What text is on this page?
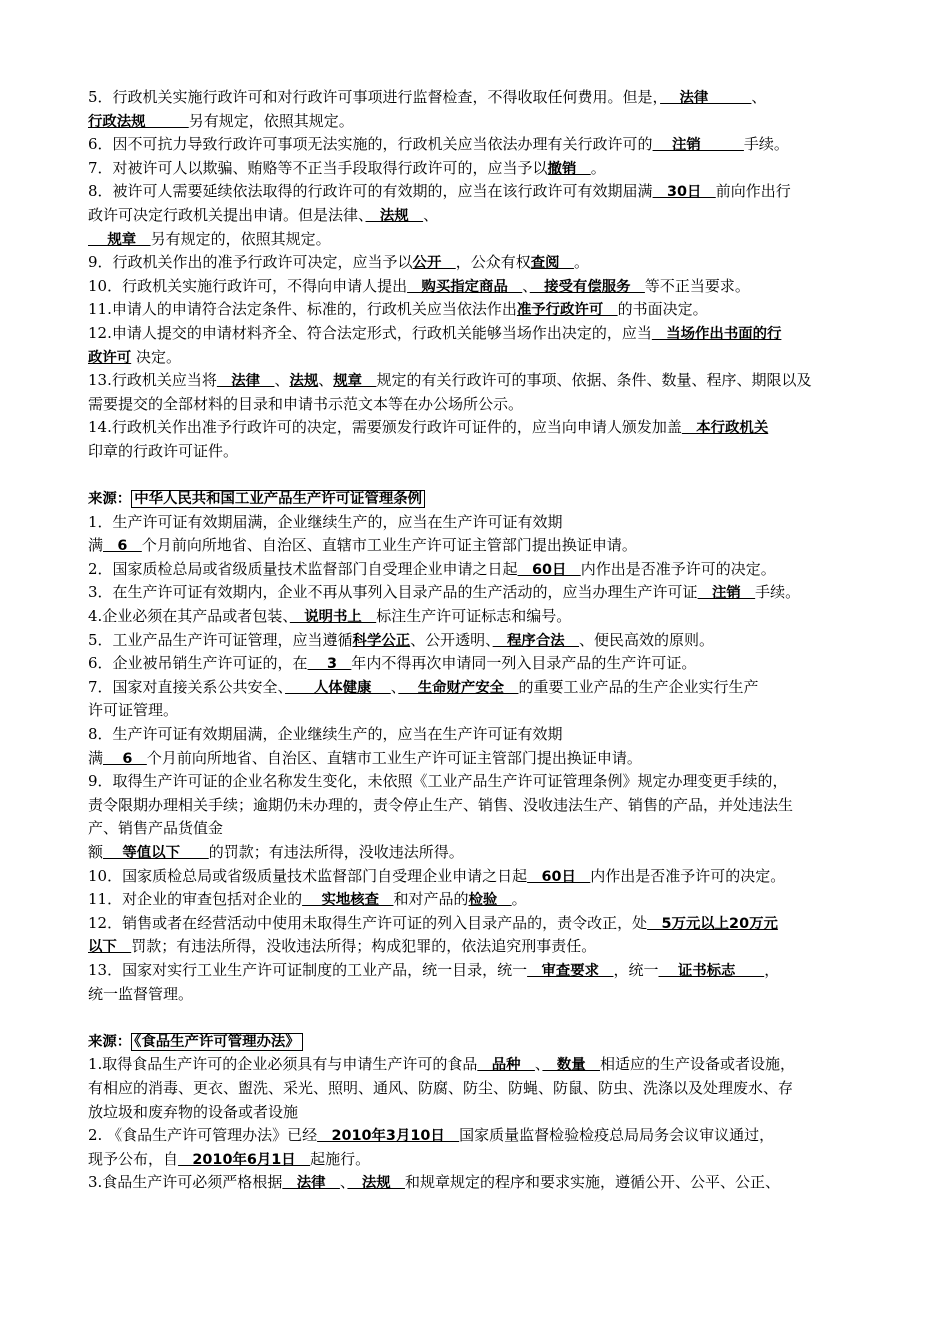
5．行政机关实施行政许可和对行政许可事项进行监督检查，不得收取任何费用。但是，　 法律　　　、
行政法规　　　另有规定，依照其规定。
6．因不可抗力导致行政许可事项无法实施的，行政机关应当依法办理有关行政许可的　 注销　　　手续。
7．对被许可人以欺骗、贿赂等不正当手段取得行政许可的，应当予以撤销　。
8．被许可人需要延续依法取得的行政许可的有效期的，应当在该行政许可有效期届满　30日　前向作出行
政许可决定行政机关提出申请。但是法律、　法规　、
　 规章　另有规定的，依照其规定。
9．行政机关作出的准予行政许可决定，应当予以公开　，公众有权查阅　。
10．行政机关实施行政许可，不得向申请人提出　购买指定商品　、　接受有偿服务　等不正当要求。
11.申请人的申请符合法定条件、标准的，行政机关应当依法作出准予行政许可　的书面决定。
12.申请人提交的申请材料齐全、符合法定形式，行政机关能够当场作出决定的，应当　当场作出书面的行
政许可 决定。
13.行政机关应当将　法律　、法规、规章　规定的有关行政许可的事项、依据、条件、数量、程序、期限以及
需要提交的全部材料的目录和申请书示范文本等在办公场所公示。
14.行政机关作出准予行政许可的决定，需要颁发行政许可证件的，应当向申请人颁发加盖　本行政机关
印章的行政许可证件。
来源： 中华人民共和国工业产品生产许可证管理条例
1．生产许可证有效期届满，企业继续生产的，应当在生产许可证有效期
满　6　个月前向所地省、自治区、直辖市工业生产许可证主管部门提出换证申请。
2．国家质检总局或省级质量技术监督部门自受理企业申请之日起　60日　内作出是否准予许可的决定。
3．在生产许可证有效期内，企业不再从事列入目录产品的生产活动的，应当办理生产许可证　注销　手续。
4.企业必须在其产品或者包装、　说明书上　标注生产许可证标志和编号。
5．工业产品生产许可证管理，应当遵循科学公正、公开透明、　程序合法　、便民高效的原则。
6．企业被吊销生产许可证的，在　 3　年内不得再次申请同一列入目录产品的生产许可证。
7．国家对直接关系公共安全、　　人体健康　 、　 生命财产安全　的重要工业产品的生产企业实行生产
许可证管理。
8．生产许可证有效期届满，企业继续生产的，应当在生产许可证有效期
满　 6　个月前向所地省、自治区、直辖市工业生产许可证主管部门提出换证申请。
9．取得生产许可证的企业名称发生变化，未依照《工业产品生产许可证管理条例》规定办理变更手续的，
责令限期办理相关手续；逾期仍未办理的，责令停止生产、销售、没收违法生产、销售的产品，并处违法生
产、销售产品货值金
额　 等值以下　　的罚款；有违法所得，没收违法所得。
10．国家质检总局或省级质量技术监督部门自受理企业申请之日起　60日　内作出是否准予许可的决定。
11．对企业的审查包括对企业的　 实地核查　和对产品的检验　。
12．销售或者在经营活动中使用未取得生产许可证的列入目录产品的，责令改正，处　5万元以上20万元
以下　罚款；有违法所得，没收违法所得；构成犯罪的，依法追究刑事责任。
13．国家对实行工业生产许可证制度的工业产品，统一目录，统一　审查要求　，统一　 证书标志　　，
统一监督管理。
来源： 《食品生产许可管理办法》
1.取得食品生产许可的企业必须具有与申请生产许可的食品　品种　、　数量　相适应的生产设备或者设施，
有相应的消毒、更衣、盥洗、采光、照明、通风、防腐、防尘、防蝇、防鼠、防虫、洗涤以及处理废水、存
放垃圾和废弃物的设备或者设施
2. 《食品生产许可管理办法》已经　2010年3月10日　国家质量监督检验检疫总局局务会议审议通过，
现予公布，自　2010年6月1日　起施行。
3.食品生产许可必须严格根据　法律　、　法规　和规章规定的程序和要求实施，遵循公开、公平、公正、
